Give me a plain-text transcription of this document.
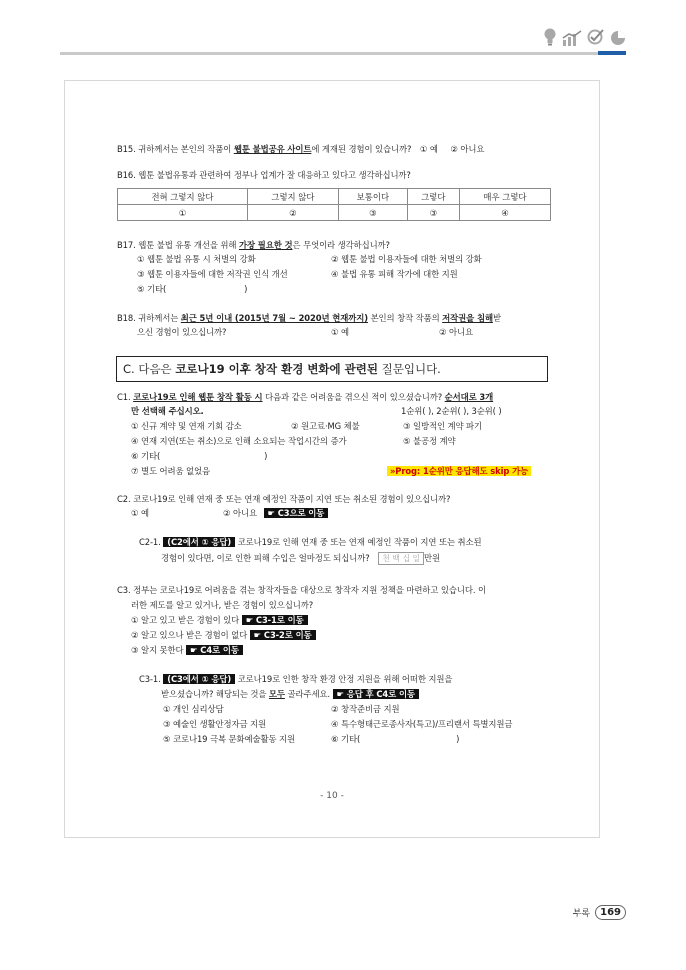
B15. 귀하께서는 본인의 작품이 웹툰 불법공유 사이트에 게재된 경험이 있습니까? ① 예 ② 아니요
B16. 웹툰 불법유통과 관련하여 정부나 업계가 잘 대응하고 있다고 생각하십니까?
전혀 그렇지 않다	그렇지 않다	보통이다	그렇다	매우 그렇다
①	②	③	③	④
B17. 웹툰 불법 유통 개선을 위해 가장 필요한 것은 무엇이라 생각하십니까?
① 웹툰 불법 유통 시 처벌의 강화	② 웹툰 불법 이용자들에 대한 처벌의 강화
③ 웹툰 이용자들에 대한 저작권 인식 개선	④ 불법 유통 피해 작가에 대한 지원
⑤ 기타(	)
B18. 귀하께서는 최근 5년 이내 (2015년 7월 ~ 2020년 현재까지) 본인의 창작 작품의 저작권을 침해받
으신 경험이 있으십니까?	① 예	② 아니요
C. 다음은 코로나19 이후 창작 환경 변화에 관련된 질문입니다.
C1. 코로나19로 인해 웹툰 창작 활동 시 다음과 같은 어려움을 겪으신 적이 있으셨습니까? 순서대로 3개
만 선택해 주십시오.	1순위( ), 2순위( ), 3순위( )
① 신규 계약 및 연재 기회 감소	② 원고료·MG 체불	③ 일방적인 계약 파기
④ 연재 지연(또는 취소)으로 인해 소요되는 작업시간의 증가	⑤ 불공정 계약
⑥ 기타(	)
⑦ 별도 어려움 없었음	»Prog: 1순위만 응답해도 skip 가능
C2. 코로나19로 인해 연재 중 또는 연재 예정인 작품이 지연 또는 취소된 경험이 있으십니까?
① 예	② 아니요 ☛ C3으로 이동
C2-1. (C2에서 ① 응답) 코로나19로 인해 연재 중 또는 연재 예정인 작품이 지연 또는 취소된
경험이 있다면, 이로 인한 피해 수입은 얼마정도 되십니까? 천 백 십 일 만원
C3. 정부는 코로나19로 어려움을 겪는 창작자들을 대상으로 창작자 지원 정책을 마련하고 있습니다. 이
러한 제도를 알고 있거나, 받은 경험이 있으십니까?
① 알고 있고 받은 경험이 있다 ☛ C3-1로 이동
② 알고 있으나 받은 경험이 없다 ☛ C3-2로 이동
③ 알지 못한다 ☛ C4로 이동
C3-1. (C3에서 ① 응답) 코로나19로 인한 창작 환경 안정 지원을 위해 어떠한 지원을
받으셨습니까? 해당되는 것을 모두 골라주세요. ☛ 응답 후 C4로 이동
① 개인 심리상담	② 창작준비금 지원
③ 예술인 생활안정자금 지원	④ 특수형태근로종사자(특고)/프리랜서 특별지원금
⑤ 코로나19 극복 문화예술활동 지원	⑥ 기타(	)
- 10 -
부록	169
